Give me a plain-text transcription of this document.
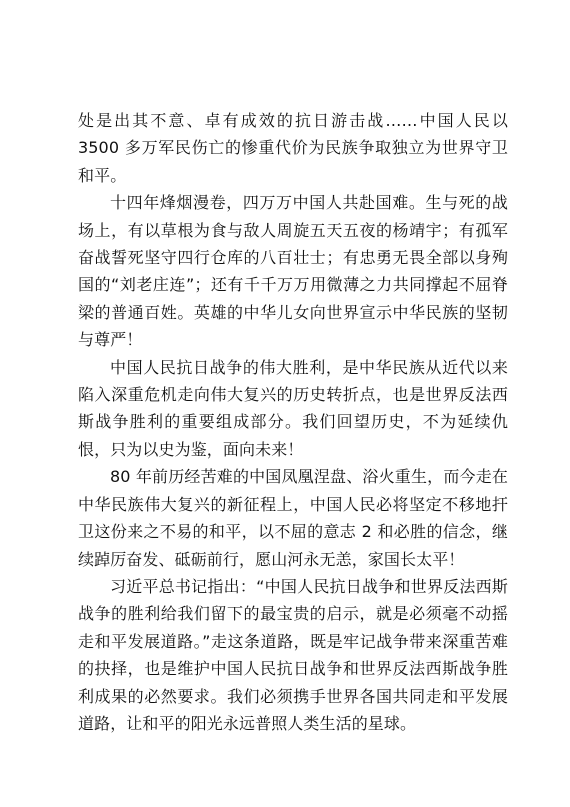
处是出其不意、卓有成效的抗日游击战……中国人民以 3500 多万军民伤亡的惨重代价为民族争取独立为世界守卫和平。

十四年烽烟漫卷，四万万中国人共赴国难。生与死的战场上，有以草根为食与敌人周旋五天五夜的杨靖宇；有孤军奋战誓死坚守四行仓库的八百壮士；有忠勇无畏全部以身殉国的“刘老庄连”；还有千千万万用微薄之力共同撑起不屈脊梁的普通百姓。英雄的中华儿女向世界宣示中华民族的坚韧与尊严！

中国人民抗日战争的伟大胜利，是中华民族从近代以来陷入深重危机走向伟大复兴的历史转折点，也是世界反法西斯战争胜利的重要组成部分。我们回望历史，不为延续仇恨，只为以史为鉴，面向未来！

80 年前历经苦难的中国凤凰涅盘、浴火重生，而今走在中华民族伟大复兴的新征程上，中国人民必将坚定不移地扞卫这份来之不易的和平，以不屈的意志 2 和必胜的信念，继续踔厉奋发、砥砺前行，愿山河永无恙，家国长太平！

习近平总书记指出：“中国人民抗日战争和世界反法西斯战争的胜利给我们留下的最宝贵的启示，就是必须毫不动摇走和平发展道路。”走这条道路，既是牢记战争带来深重苦难的抉择，也是维护中国人民抗日战争和世界反法西斯战争胜利成果的必然要求。我们必须携手世界各国共同走和平发展道路，让和平的阳光永远普照人类生活的星球。
